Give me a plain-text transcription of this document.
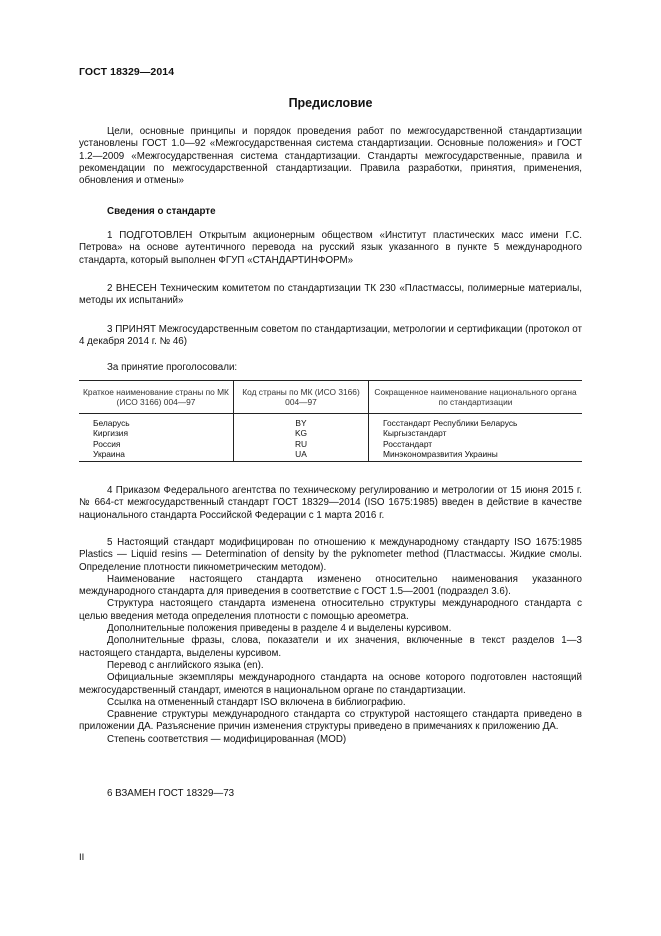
ГОСТ 18329—2014
Предисловие

Цели, основные принципы и порядок проведения работ по межгосударственной стандартизации установлены ГОСТ 1.0—92 «Межгосударственная система стандартизации. Основные положения» и ГОСТ 1.2—2009 «Межгосударственная система стандартизации. Стандарты межгосударственные, правила и рекомендации по межгосударственной стандартизации. Правила разработки, принятия, применения, обновления и отмены»

Сведения о стандарте

1 ПОДГОТОВЛЕН Открытым акционерным обществом «Институт пластических масс имени Г.С. Петрова» на основе аутентичного перевода на русский язык указанного в пункте 5 международного стандарта, который выполнен ФГУП «СТАНДАРТИНФОРМ»

2 ВНЕСЕН Техническим комитетом по стандартизации ТК 230 «Пластмассы, полимерные материалы, методы их испытаний»

3 ПРИНЯТ Межгосударственным советом по стандартизации, метрологии и сертификации (протокол от 4 декабря 2014 г. № 46)

За принятие проголосовали:

Краткое наименование страны по МК (ИСО 3166) 004—97	Код страны по МК (ИСО 3166) 004—97	Сокращенное наименование национального органа по стандартизации
Беларусь	BY	Госстандарт Республики Беларусь
Киргизия	KG	Кыргызстандарт
Россия	RU	Росстандарт
Украина	UA	Минэкономразвития Украины

4 Приказом Федерального агентства по техническому регулированию и метрологии от 15 июня 2015 г. № 664-ст межгосударственный стандарт ГОСТ 18329—2014 (ISO 1675:1985) введен в действие в качестве национального стандарта Российской Федерации с 1 марта 2016 г.

5 Настоящий стандарт модифицирован по отношению к международному стандарту ISO 1675:1985 Plastics — Liquid resins — Determination of density by the pyknometer method (Пластмассы. Жидкие смолы. Определение плотности пикнометрическим методом).

Наименование настоящего стандарта изменено относительно наименования указанного международного стандарта для приведения в соответствие с ГОСТ 1.5—2001 (подраздел 3.6).

Структура настоящего стандарта изменена относительно структуры международного стандарта с целью введения метода определения плотности с помощью ареометра.

Дополнительные положения приведены в разделе 4 и выделены курсивом.

Дополнительные фразы, слова, показатели и их значения, включенные в текст разделов 1—3 настоящего стандарта, выделены курсивом.

Перевод с английского языка (en).

Официальные экземпляры международного стандарта на основе которого подготовлен настоящий межгосударственный стандарт, имеются в национальном органе по стандартизации.

Ссылка на отмененный стандарт ISO включена в библиографию.

Сравнение структуры международного стандарта со структурой настоящего стандарта приведено в приложении ДА. Разъяснение причин изменения структуры приведено в примечаниях к приложению ДА.

Степень соответствия — модифицированная (MOD)

6 ВЗАМЕН ГОСТ 18329—73

II
